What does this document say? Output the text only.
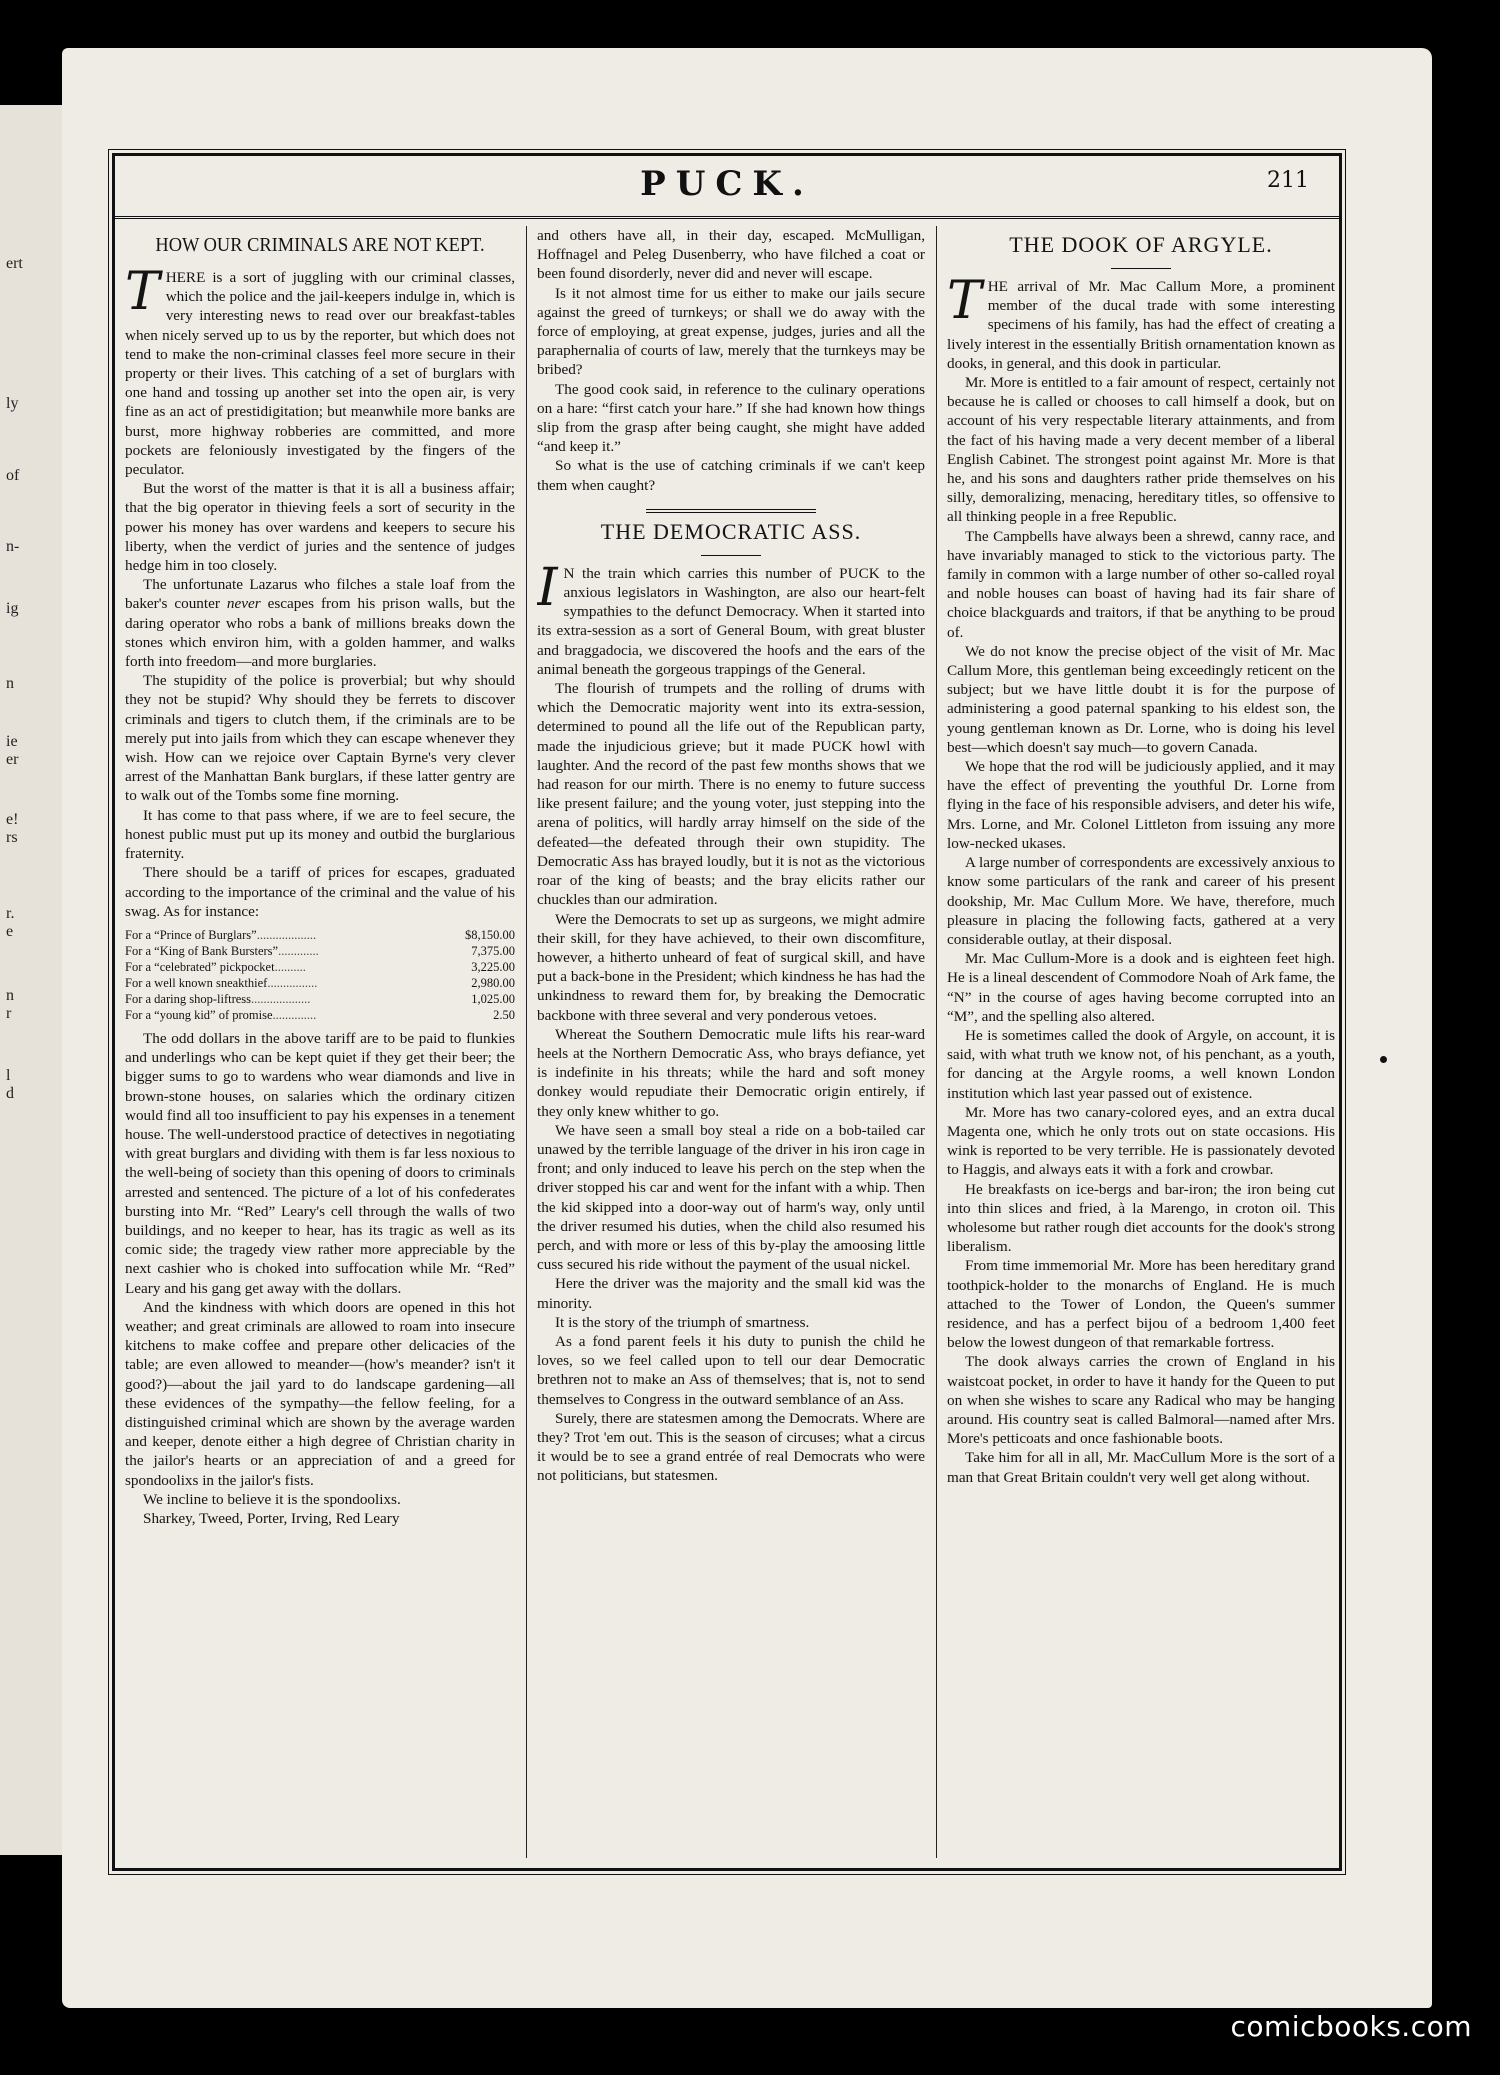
ert
ly
of
n-
ig
n
ie
er
e!
rs
r.
e
n
r
l
d
PUCK.	211
HOW OUR CRIMINALS ARE NOT KEPT.

THERE is a sort of juggling with our criminal classes, which the police and the jail-keepers indulge in, which is very interesting news to read over our breakfast-tables when nicely served up to us by the reporter, but which does not tend to make the non-criminal classes feel more secure in their property or their lives. This catching of a set of burglars with one hand and tossing up another set into the open air, is very fine as an act of prestidigitation; but meanwhile more banks are burst, more highway robberies are committed, and more pockets are feloniously investigated by the fingers of the peculator.

But the worst of the matter is that it is all a business affair; that the big operator in thieving feels a sort of security in the power his money has over wardens and keepers to secure his liberty, when the verdict of juries and the sentence of judges hedge him in too closely.

The unfortunate Lazarus who filches a stale loaf from the baker's counter never escapes from his prison walls, but the daring operator who robs a bank of millions breaks down the stones which environ him, with a golden hammer, and walks forth into freedom—and more burglaries.

The stupidity of the police is proverbial; but why should they not be stupid? Why should they be ferrets to discover criminals and tigers to clutch them, if the criminals are to be merely put into jails from which they can escape whenever they wish. How can we rejoice over Captain Byrne's very clever arrest of the Manhattan Bank burglars, if these latter gentry are to walk out of the Tombs some fine morning.

It has come to that pass where, if we are to feel secure, the honest public must put up its money and outbid the burglarious fraternity.

There should be a tariff of prices for escapes, graduated according to the importance of the criminal and the value of his swag. As for instance:

For a “Prince of Burglars”...................	$8,150.00
For a “King of Bank Bursters”.............	7,375.00
For a “celebrated” pickpocket..........	3,225.00
For a well known sneakthief................	2,980.00
For a daring shop-liftress...................	1,025.00
For a “young kid” of promise..............	2.50

The odd dollars in the above tariff are to be paid to flunkies and underlings who can be kept quiet if they get their beer; the bigger sums to go to wardens who wear diamonds and live in brown-stone houses, on salaries which the ordinary citizen would find all too insufficient to pay his expenses in a tenement house. The well-understood practice of detectives in negotiating with great burglars and dividing with them is far less noxious to the well-being of society than this opening of doors to criminals arrested and sentenced. The picture of a lot of his confederates bursting into Mr. “Red” Leary's cell through the walls of two buildings, and no keeper to hear, has its tragic as well as its comic side; the tragedy view rather more appreciable by the next cashier who is choked into suffocation while Mr. “Red” Leary and his gang get away with the dollars.

And the kindness with which doors are opened in this hot weather; and great criminals are allowed to roam into insecure kitchens to make coffee and prepare other delicacies of the table; are even allowed to meander—(how's meander? isn't it good?)—about the jail yard to do landscape gardening—all these evidences of the sympathy—the fellow feeling, for a distinguished criminal which are shown by the average warden and keeper, denote either a high degree of Christian charity in the jailor's hearts or an appreciation of and a greed for spondoolixs in the jailor's fists.

We incline to believe it is the spondoolixs.

Sharkey, Tweed, Porter, Irving, Red Leary

and others have all, in their day, escaped. McMulligan, Hoffnagel and Peleg Dusenberry, who have filched a coat or been found disorderly, never did and never will escape.

Is it not almost time for us either to make our jails secure against the greed of turnkeys; or shall we do away with the force of employing, at great expense, judges, juries and all the paraphernalia of courts of law, merely that the turnkeys may be bribed?

The good cook said, in reference to the culinary operations on a hare: “first catch your hare.” If she had known how things slip from the grasp after being caught, she might have added “and keep it.”

So what is the use of catching criminals if we can't keep them when caught?

THE DEMOCRATIC ASS.

I N the train which carries this number of PUCK to the anxious legislators in Washington, are also our heart-felt sympathies to the defunct Democracy. When it started into its extra-session as a sort of General Boum, with great bluster and braggadocia, we discovered the hoofs and the ears of the animal beneath the gorgeous trappings of the General.

The flourish of trumpets and the rolling of drums with which the Democratic majority went into its extra-session, determined to pound all the life out of the Republican party, made the injudicious grieve; but it made PUCK howl with laughter. And the record of the past few months shows that we had reason for our mirth. There is no enemy to future success like present failure; and the young voter, just stepping into the arena of politics, will hardly array himself on the side of the defeated—the defeated through their own stupidity. The Democratic Ass has brayed loudly, but it is not as the victorious roar of the king of beasts; and the bray elicits rather our chuckles than our admiration.

Were the Democrats to set up as surgeons, we might admire their skill, for they have achieved, to their own discomfiture, however, a hitherto unheard of feat of surgical skill, and have put a back-bone in the President; which kindness he has had the unkindness to reward them for, by breaking the Democratic backbone with three several and very ponderous vetoes.

Whereat the Southern Democratic mule lifts his rear-ward heels at the Northern Democratic Ass, who brays defiance, yet is indefinite in his threats; while the hard and soft money donkey would repudiate their Democratic origin entirely, if they only knew whither to go.

We have seen a small boy steal a ride on a bob-tailed car unawed by the terrible language of the driver in his iron cage in front; and only induced to leave his perch on the step when the driver stopped his car and went for the infant with a whip. Then the kid skipped into a door-way out of harm's way, only until the driver resumed his duties, when the child also resumed his perch, and with more or less of this by-play the amoosing little cuss secured his ride without the payment of the usual nickel.

Here the driver was the majority and the small kid was the minority.

It is the story of the triumph of smartness.

As a fond parent feels it his duty to punish the child he loves, so we feel called upon to tell our dear Democratic brethren not to make an Ass of themselves; that is, not to send themselves to Congress in the outward semblance of an Ass.

Surely, there are statesmen among the Democrats. Where are they? Trot 'em out. This is the season of circuses; what a circus it would be to see a grand entrée of real Democrats who were not politicians, but statesmen.

THE DOOK OF ARGYLE.

THE arrival of Mr. Mac Callum More, a prominent member of the ducal trade with some interesting specimens of his family, has had the effect of creating a lively interest in the essentially British ornamentation known as dooks, in general, and this dook in particular.

Mr. More is entitled to a fair amount of respect, certainly not because he is called or chooses to call himself a dook, but on account of his very respectable literary attainments, and from the fact of his having made a very decent member of a liberal English Cabinet. The strongest point against Mr. More is that he, and his sons and daughters rather pride themselves on his silly, demoralizing, menacing, hereditary titles, so offensive to all thinking people in a free Republic.

The Campbells have always been a shrewd, canny race, and have invariably managed to stick to the victorious party. The family in common with a large number of other so-called royal and noble houses can boast of having had its fair share of choice blackguards and traitors, if that be anything to be proud of.

We do not know the precise object of the visit of Mr. Mac Callum More, this gentleman being exceedingly reticent on the subject; but we have little doubt it is for the purpose of administering a good paternal spanking to his eldest son, the young gentleman known as Dr. Lorne, who is doing his level best—which doesn't say much—to govern Canada.

We hope that the rod will be judiciously applied, and it may have the effect of preventing the youthful Dr. Lorne from flying in the face of his responsible advisers, and deter his wife, Mrs. Lorne, and Mr. Colonel Littleton from issuing any more low-necked ukases.

A large number of correspondents are excessively anxious to know some particulars of the rank and career of his present dookship, Mr. Mac Cullum More. We have, therefore, much pleasure in placing the following facts, gathered at a very considerable outlay, at their disposal.

Mr. Mac Cullum-More is a dook and is eighteen feet high. He is a lineal descendent of Commodore Noah of Ark fame, the “N” in the course of ages having become corrupted into an “M”, and the spelling also altered.

He is sometimes called the dook of Argyle, on account, it is said, with what truth we know not, of his penchant, as a youth, for dancing at the Argyle rooms, a well known London institution which last year passed out of existence.

Mr. More has two canary-colored eyes, and an extra ducal Magenta one, which he only trots out on state occasions. His wink is reported to be very terrible. He is passionately devoted to Haggis, and always eats it with a fork and crowbar.

He breakfasts on ice-bergs and bar-iron; the iron being cut into thin slices and fried, à la Marengo, in croton oil. This wholesome but rather rough diet accounts for the dook's strong liberalism.

From time immemorial Mr. More has been hereditary grand toothpick-holder to the monarchs of England. He is much attached to the Tower of London, the Queen's summer residence, and has a perfect bijou of a bedroom 1,400 feet below the lowest dungeon of that remarkable fortress.

The dook always carries the crown of England in his waistcoat pocket, in order to have it handy for the Queen to put on when she wishes to scare any Radical who may be hanging around. His country seat is called Balmoral—named after Mrs. More's petticoats and once fashionable boots.

Take him for all in all, Mr. MacCullum More is the sort of a man that Great Britain couldn't very well get along without.

comicbooks.com
